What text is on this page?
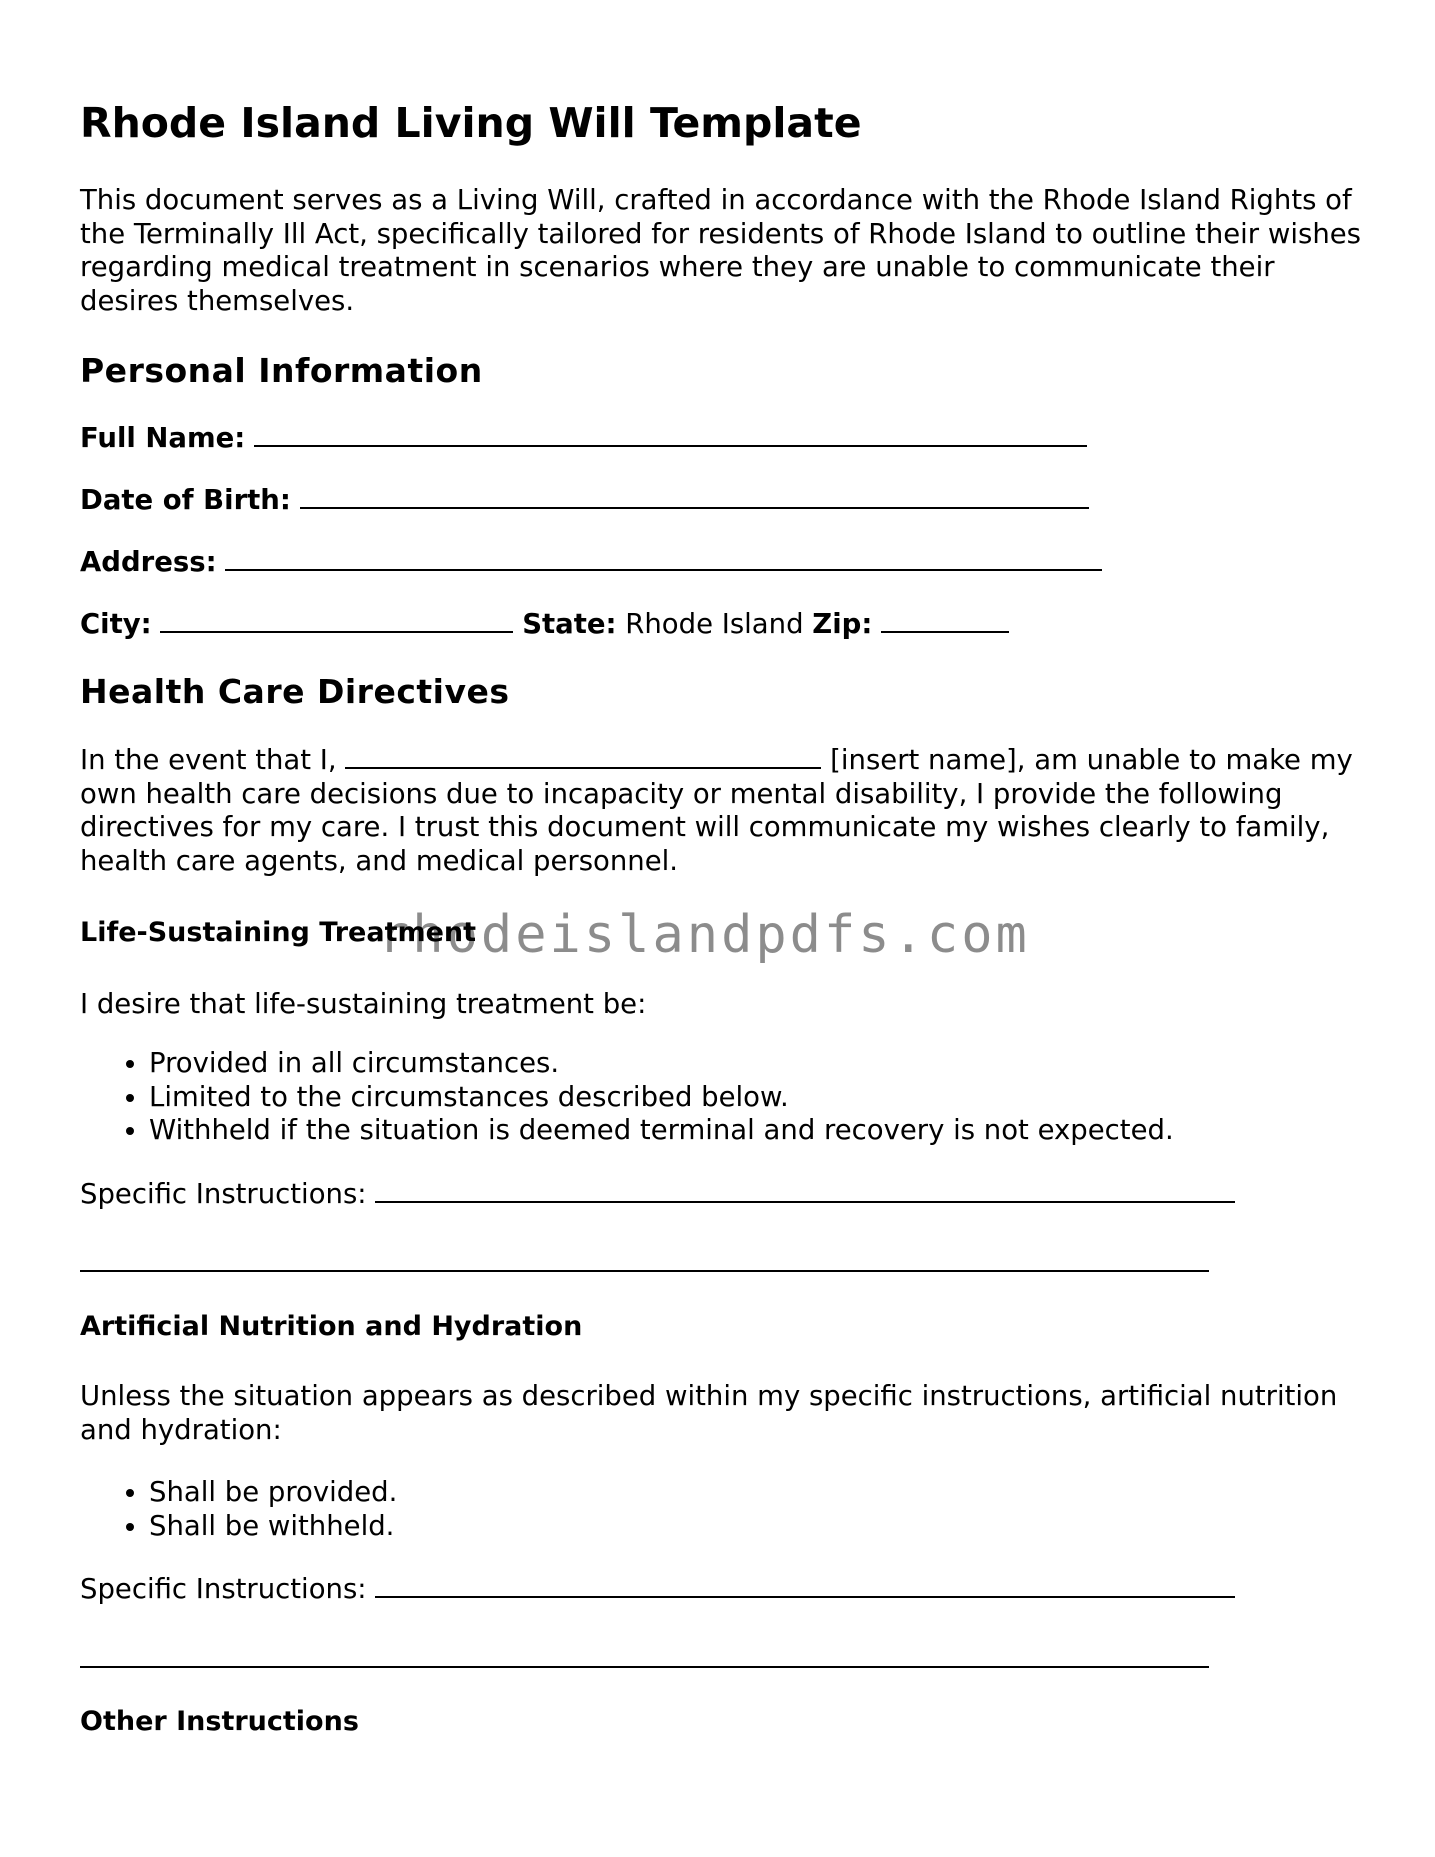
Rhode Island Living Will Template

This document serves as a Living Will, crafted in accordance with the Rhode Island Rights of the Terminally Ill Act, specifically tailored for residents of Rhode Island to outline their wishes regarding medical treatment in scenarios where they are unable to communicate their desires themselves.

Personal Information
Full Name:
Date of Birth:
Address:
City:	State: Rhode Island Zip:
Health Care Directives

In the event that I,	[insert name], am unable to make my own health care decisions due to incapacity or mental disability, I provide the following directives for my care. I trust this document will communicate my wishes clearly to family, health care agents, and medical personnel.

Life-Sustaining Treatment
I desire that life-sustaining treatment be:
• Provided in all circumstances.
• Limited to the circumstances described below.
• Withheld if the situation is deemed terminal and recovery is not expected.
Specific Instructions:
Artificial Nutrition and Hydration

Unless the situation appears as described within my specific instructions, artificial nutrition and hydration:

• Shall be provided.
• Shall be withheld.
Specific Instructions:
Other Instructions
rhodeislandpdfs.com
